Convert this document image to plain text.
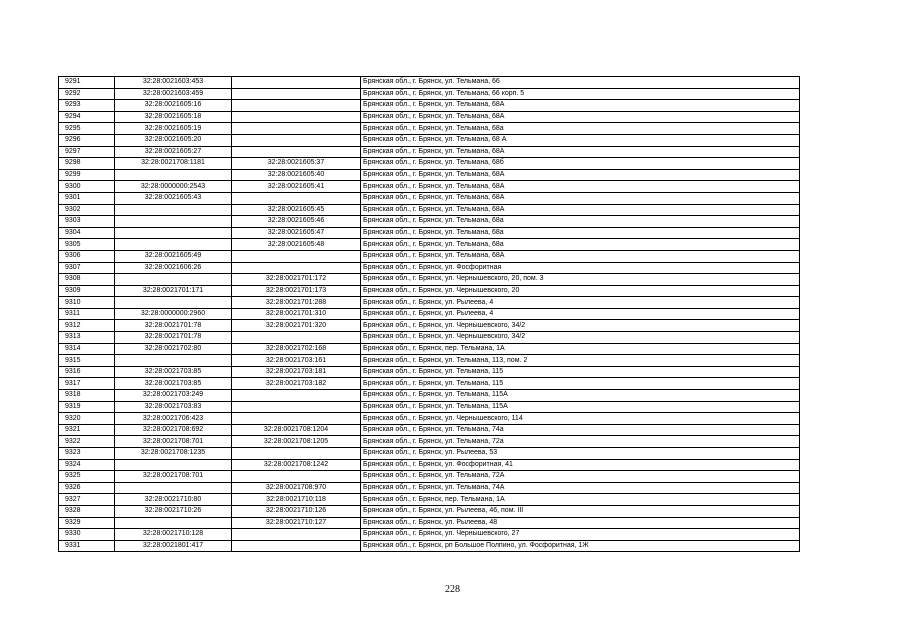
9291	32:28:0021603:453		Брянская обл., г. Брянск, ул. Тельмана, 66
9292	32:28:0021603:459		Брянская обл., г. Брянск, ул. Тельмана, 66 корп. 5
9293	32:28:0021605:16		Брянская обл., г. Брянск, ул. Тельмана, 68А
9294	32:28:0021605:18		Брянская обл., г. Брянск, ул. Тельмана, 68А
9295	32:28:0021605:19		Брянская обл., г. Брянск, ул. Тельмана, 68а
9296	32:28:0021605:20		Брянская обл., г. Брянск, ул. Тельмана, 68 А
9297	32:28:0021605:27		Брянская обл., г. Брянск, ул. Тельмана, 68А
9298	32:28:0021708:1181	32:28:0021605:37	Брянская обл., г. Брянск, ул. Тельмана, 68б
9299		32:28:0021605:40	Брянская обл., г. Брянск, ул. Тельмана, 68А
9300	32:28:0000000:2543	32:28:0021605:41	Брянская обл., г. Брянск, ул. Тельмана, 68А
9301	32:28:0021605:43		Брянская обл., г. Брянск, ул. Тельмана, 68А
9302		32:28:0021605:45	Брянская обл., г. Брянск, ул. Тельмана, 68А
9303		32:28:0021605:46	Брянская обл., г. Брянск, ул. Тельмана, 68а
9304		32:28:0021605:47	Брянская обл., г. Брянск, ул. Тельмана, 68а
9305		32:28:0021605:48	Брянская обл., г. Брянск, ул. Тельмана, 68а
9306	32:28:0021605:49		Брянская обл., г. Брянск, ул. Тельмана, 68А
9307	32:28:0021606:26		Брянская обл., г. Брянск, ул. Фосфоритная
9308		32:28:0021701:172	Брянская обл., г. Брянск, ул. Чернышевского, 20, пом. 3
9309	32:28:0021701:171	32:28:0021701:173	Брянская обл., г. Брянск, ул. Чернышевского, 20
9310		32:28:0021701:288	Брянская обл., г. Брянск, ул. Рылеева, 4
9311	32:28:0000000:2960	32:28:0021701:310	Брянская обл., г. Брянск, ул. Рылеева, 4
9312	32:28:0021701:78	32:28:0021701:320	Брянская обл., г. Брянск, ул. Чернышевского, 34/2
9313	32:28:0021701:78		Брянская обл., г. Брянск, ул. Чернышевского, 34/2
9314	32:28:0021702:80	32:28:0021702:168	Брянская обл., г. Брянск, пер. Тельмана, 1А
9315		32:28:0021703:161	Брянская обл., г. Брянск, ул. Тельмана, 113, пом. 2
9316	32:28:0021703:85	32:28:0021703:181	Брянская обл., г. Брянск, ул. Тельмана, 115
9317	32:28:0021703:85	32:28:0021703:182	Брянская обл., г. Брянск, ул. Тельмана, 115
9318	32:28:0021703:249		Брянская обл., г. Брянск, ул. Тельмана, 115А
9319	32:28:0021703:83		Брянская обл., г. Брянск, ул. Тельмана, 115А
9320	32:28:0021706:423		Брянская обл., г. Брянск, ул. Чернышевского, 114
9321	32:28:0021708:692	32:28:0021708:1204	Брянская обл., г. Брянск, ул. Тельмана, 74а
9322	32:28:0021708:701	32:28:0021708:1205	Брянская обл., г. Брянск, ул. Тельмана, 72а
9323	32:28:0021708:1235		Брянская обл., г. Брянск, ул. Рылеева, 53
9324		32:28:0021708:1242	Брянская обл., г. Брянск, ул. Фосфоритная, 41
9325	32:28:0021708:701		Брянская обл., г. Брянск, ул. Тельмана, 72А
9326		32:28:0021708:970	Брянская обл., г. Брянск, ул. Тельмана, 74А
9327	32:28:0021710:80	32:28:0021710:118	Брянская обл., г. Брянск, пер. Тельмана, 1А
9328	32:28:0021710:26	32:28:0021710:126	Брянская обл., г. Брянск, ул. Рылеева, 46, пом. III
9329		32:28:0021710:127	Брянская обл., г. Брянск, ул. Рылеева, 48
9330	32:28:0021710:128		Брянская обл., г. Брянск, ул. Чернышевского, 27
9331	32:28:0021801:417		Брянская обл., г. Брянск, рп Большое Полпино, ул. Фосфоритная, 1Ж
228
